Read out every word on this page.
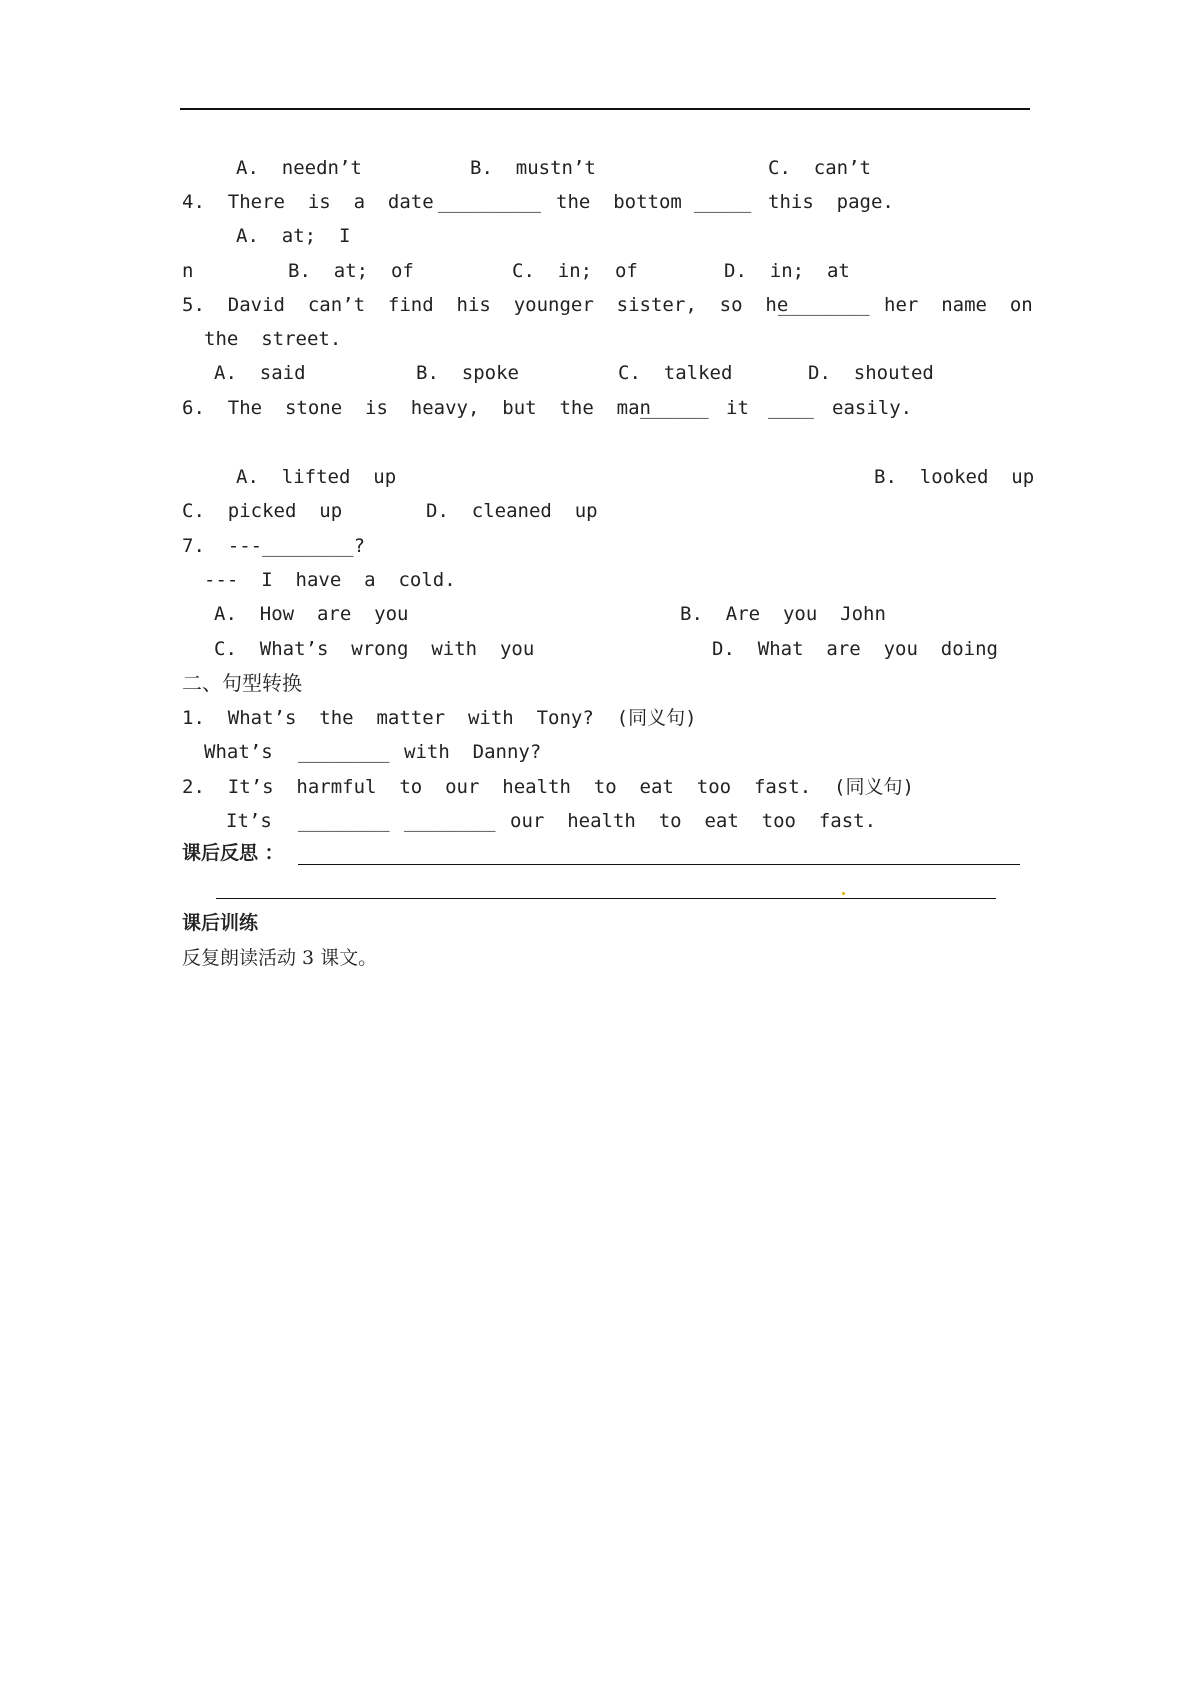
A.  needn’t	B.  mustn’t	C.  can’t
4.  There  is  a  date _________ the  bottom _____ this  page.
A.  at;  I
n	B.  at;  of	C.  in;  of	D.  in;  at
5.  David  can’t  find  his  younger  sister,  so  he
________ her  name  on
the  street.
A.  said	B.  spoke	C.  talked	D.  shouted
6.  The  stone  is  heavy,  but  the  man
______ it ____ easily.
A.  lifted  up	B.  looked  up
C.  picked  up	D.  cleaned  up
7.  ---________?
---  I  have  a  cold.
A.  How  are  you	B.  Are  you  John
C.  What’s  wrong  with  you	D.  What  are  you  doing
二、句型转换
1.  What’s  the  matter  with  Tony?  (同义句)
What’s ________ with  Danny?
2.  It’s  harmful  to  our  health  to  eat  too  fast.  (同义句)
It’s ________ ________ our  health  to  eat  too  fast.
课后反思 ：
课后训练
反复朗读活动 3 课文。
